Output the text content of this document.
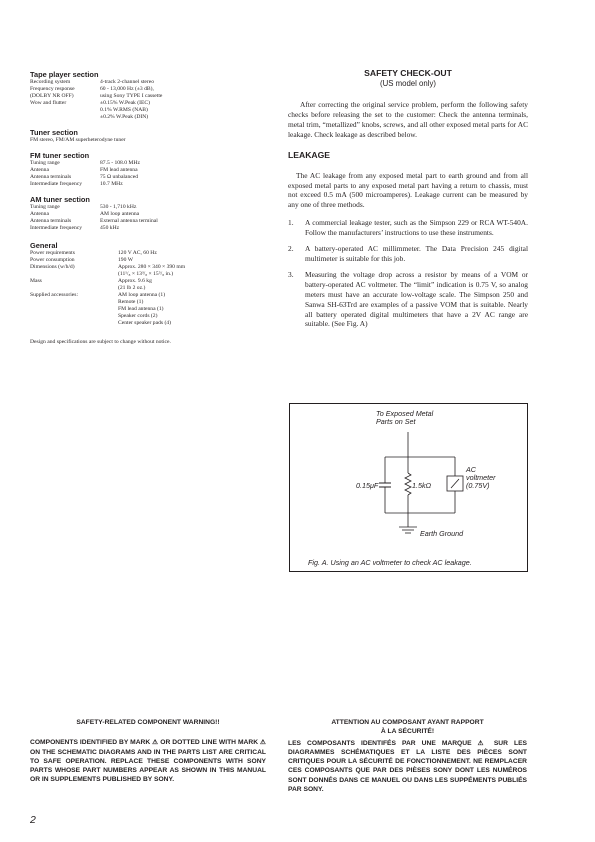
Tape player section

Recording system	4-track 2-channel stereo
Frequency response	60 - 13,000 Hz (±3 dB),
(DOLBY NR OFF)	using Sony TYPE I cassette
Wow and flutter	±0.15% W.Peak (IEC)
	0.1% W.RMS (NAB)
	±0.2% W.Peak (DIN)

Tuner section

FM stereo, FM/AM superheterodyne tuner

FM tuner section

Tuning range	87.5 - 108.0 MHz
Antenna	FM lead antenna
Antenna terminals	75 Ω unbalanced
Intermediate frequency	10.7 MHz

AM tuner section

Tuning range	530 - 1,710 kHz
Antenna	AM loop antenna
Antenna terminals	External antenna terminal
Intermediate frequency	450 kHz

General

Power requirements	120 V AC, 60 Hz
Power consumption	190 W
Dimensions (w/h/d)	Approx. 280 × 340 × 390 mm
	(11¹/₈ × 13³/₈ × 15⁵/₈ in.)
Mass	Approx. 9.6 kg
	(21 lb 2 oz.)
Supplied accessories:	AM loop antenna (1)
	Remote (1)
	FM lead antenna (1)
	Speaker cords (2)
	Center speaker pads (4)
Design and specifications are subject to change without notice.
SAFETY CHECK-OUT
(US model only)

After correcting the original service problem, perform the following safety checks before releasing the set to the customer: Check the antenna terminals, metal trim, “metallized” knobs, screws, and all other exposed metal parts for AC leakage. Check leakage as described below.

LEAKAGE

The AC leakage from any exposed metal part to earth ground and from all exposed metal parts to any exposed metal part having a return to chassis, must not exceed 0.5 mA (500 microamperes). Leakage current can be measured by any one of three methods.

1.	A commercial leakage tester, such as the Simpson 229 or RCA WT-540A. Follow the manufacturers’ instructions to use these instruments.
2.	A battery-operated AC millimmeter. The Data Precision 245 digital multimeter is suitable for this job.
3.	Measuring the voltage drop across a resistor by means of a VOM or battery-operated AC voltmeter. The “limit” indication is 0.75 V, so analog meters must have an accurate low-voltage scale. The Simpson 250 and Sanwa SH-63Trd are examples of a passive VOM that is suitable. Nearly all battery operated digital multimeters that have a 2V AC range are suitable. (See Fig. A)
To Exposed Metal
Parts on Set
0.15μF	1.5kΩ
AC
voltmeter
(0.75V)
Earth Ground
Fig. A. Using an AC voltmeter to check AC leakage.
SAFETY-RELATED COMPONENT WARNING!!

COMPONENTS IDENTIFIED BY MARK ⚠ OR DOTTED LINE WITH MARK ⚠ ON THE SCHEMATIC DIAGRAMS AND IN THE PARTS LIST ARE CRITICAL TO SAFE OPERATION. REPLACE THESE COMPONENTS WITH SONY PARTS WHOSE PART NUMBERS APPEAR AS SHOWN IN THIS MANUAL OR IN SUPPLEMENTS PUBLISHED BY SONY.

ATTENTION AU COMPOSANT AYANT RAPPORT
À LA SÉCURITÉ!

LES COMPOSANTS IDENTIFÉS PAR UNE MARQUE ⚠ SUR LES DIAGRAMMES SCHÉMATIQUES ET LA LISTE DES PIÈCES SONT CRITIQUES POUR LA SÉCURITÉ DE FONCTIONNEMENT. NE REMPLACER CES COMPOSANTS QUE PAR DES PIÈSES SONY DONT LES NUMÉROS SONT DONNÉS DANS CE MANUEL OU DANS LES SUPPÉMENTS PUBLIÉS PAR SONY.

2
